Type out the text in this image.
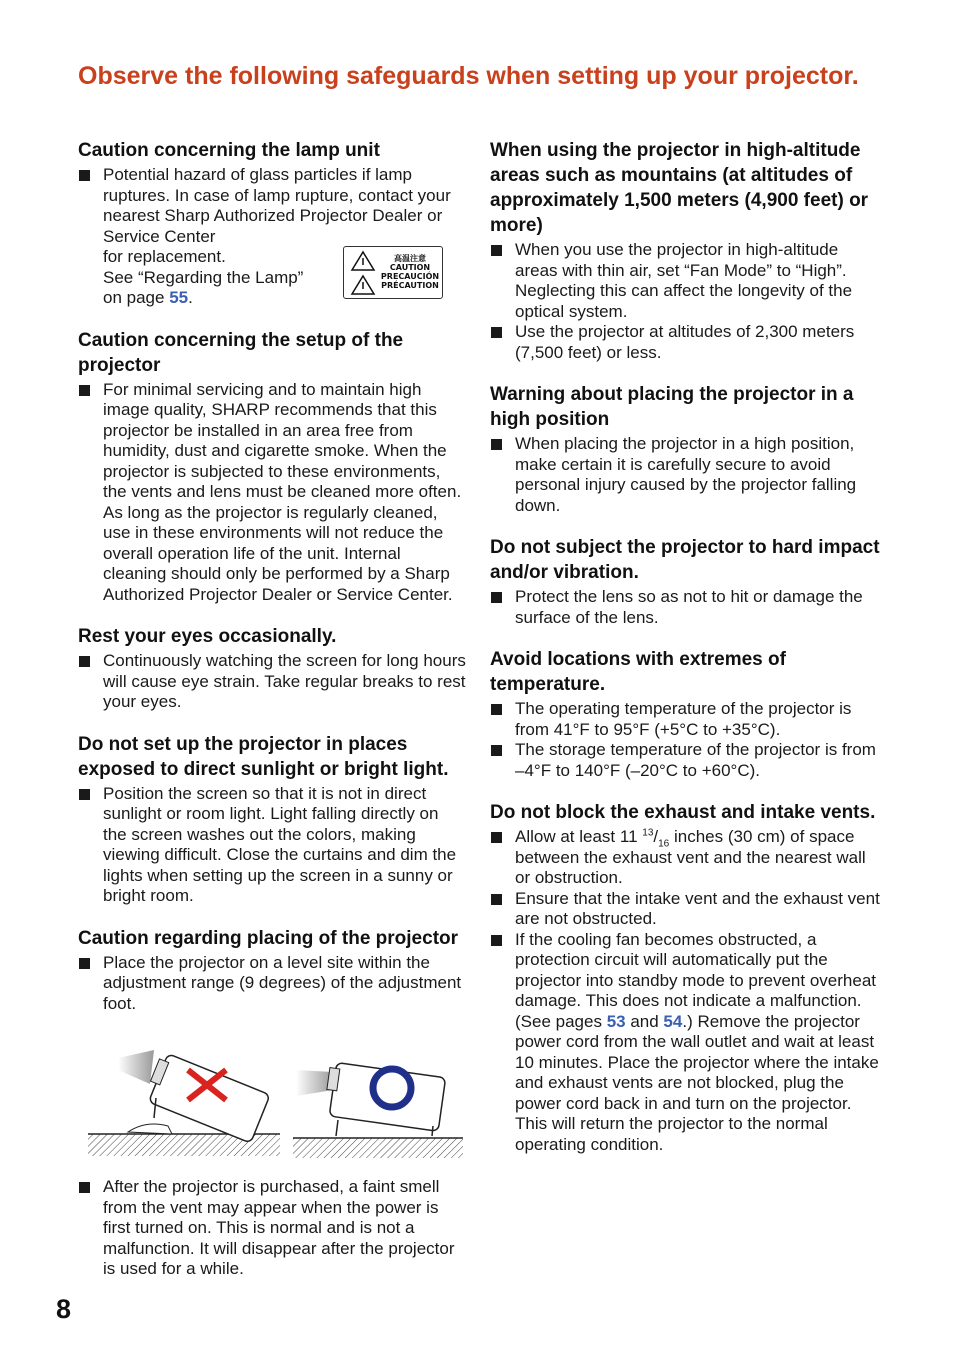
Observe the following safeguards when setting up your projector.
Caution concerning the lamp unit
Potential hazard of glass particles if lamp ruptures. In case of lamp rupture, contact your nearest Sharp Authorized Projector Dealer or Service Center
for replacement.
See “Regarding the Lamp”
on page 55.
Caution concerning the setup of the projector
For minimal servicing and to maintain high image quality, SHARP recommends that this projector be installed in an area free from humidity, dust and cigarette smoke. When the projector is subjected to these environments, the vents and lens must be cleaned more often. As long as the projector is regularly cleaned, use in these environments will not reduce the overall operation life of the unit. Internal cleaning should only be performed by a Sharp Authorized Projector Dealer or Service Center.
Rest your eyes occasionally.
Continuously watching the screen for long hours will cause eye strain. Take regular breaks to rest your eyes.
Do not set up the projector in places exposed to direct sunlight or bright light.
Position the screen so that it is not in direct sunlight or room light. Light falling directly on the screen washes out the colors, making viewing difficult. Close the curtains and dim the lights when setting up the screen in a sunny or bright room.
Caution regarding placing of the projector
Place the projector on a level site within the adjustment range (9 degrees) of the adjustment foot.
高温注意
CAUTION
PRECAUCIÓN
PRÉCAUTION
After the projector is purchased, a faint smell from the vent may appear when the power is first turned on. This is normal and is not a malfunction. It will disappear after the projector is used for a while.
When using the projector in high-altitude areas such as mountains (at altitudes of approximately 1,500 meters (4,900 feet) or more)
When you use the projector in high-altitude areas with thin air, set “Fan Mode” to “High”. Neglecting this can affect the longevity of the optical system.
Use the projector at altitudes of 2,300 meters (7,500 feet) or less.
Warning about placing the projector in a high position
When placing the projector in a high position, make certain it is carefully secure to avoid personal injury caused by the projector falling down.
Do not subject the projector to hard impact and/or vibration.
Protect the lens so as not to hit or damage the surface of the lens.
Avoid locations with extremes of temperature.
The operating temperature of the projector is from 41°F to 95°F (+5°C to +35°C).
The storage temperature of the projector is from –4°F to 140°F (–20°C to +60°C).
Do not block the exhaust and intake vents.
Allow at least 11 $^{13}/_{16}$ inches (30 cm) of space between the exhaust vent and the nearest wall or obstruction.
Ensure that the intake vent and the exhaust vent are not obstructed.
If the cooling fan becomes obstructed, a protection circuit will automatically put the projector into standby mode to prevent overheat damage. This does not indicate a malfunction. (See pages 53 and 54.) Remove the projector power cord from the wall outlet and wait at least 10 minutes. Place the projector where the intake and exhaust vents are not blocked, plug the power cord back in and turn on the projector. This will return the projector to the normal operating condition.

8
